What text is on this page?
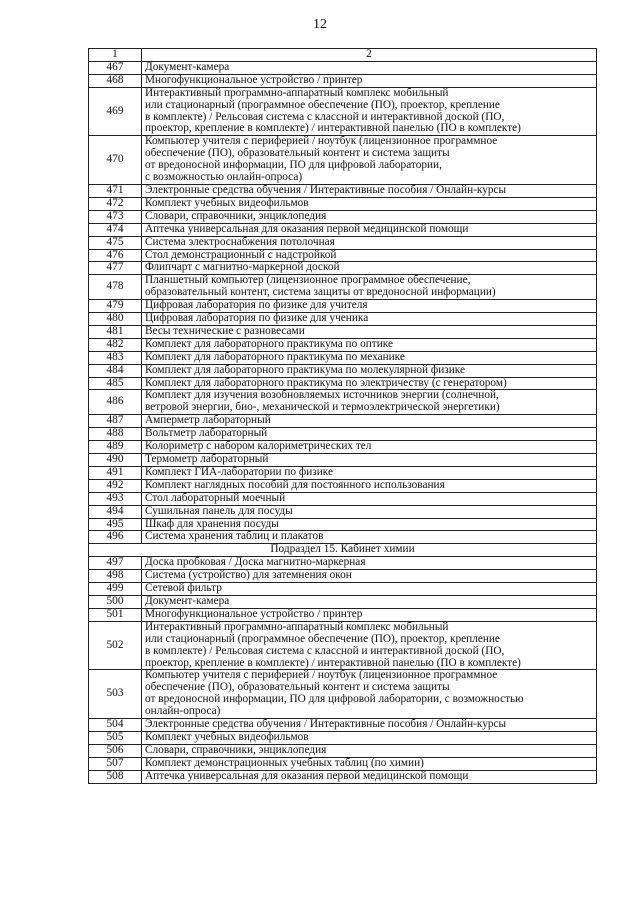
12
1	2
467	Документ-камера

468	Многофункциональное устройство / принтер

469	Интерактивный программно-аппаратный комплекс мобильный
или стационарный (программное обеспечение (ПО), проектор, крепление
в комплекте) / Рельсовая система с классной и интерактивной доской (ПО,
проектор, крепление в комплекте) / интерактивной панелью (ПО в комплекте)

470	Компьютер учителя с периферией / ноутбук (лицензионное программное
обеспечение (ПО), образовательный контент и система защиты
от вредоносной информации, ПО для цифровой лаборатории,
с возможностью онлайн-опроса)

471	Электронные средства обучения / Интерактивные пособия / Онлайн-курсы

472	Комплект учебных видеофильмов

473	Словари, справочники, энциклопедия

474	Аптечка универсальная для оказания первой медицинской помощи

475	Система электроснабжения потолочная

476	Стол демонстрационный с надстройкой

477	Флипчарт с магнитно-маркерной доской

478	Планшетный компьютер (лицензионное программное обеспечение,
образовательный контент, система защиты от вредоносной информации)

479	Цифровая лаборатория по физике для учителя

480	Цифровая лаборатория по физике для ученика

481	Весы технические с разновесами

482	Комплект для лабораторного практикума по оптике

483	Комплект для лабораторного практикума по механике

484	Комплект для лабораторного практикума по молекулярной физике

485	Комплект для лабораторного практикума по электричеству (с генератором)

486	Комплект для изучения возобновляемых источников энергии (солнечной,
ветровой энергии, био-, механической и термоэлектрической энергетики)

487	Амперметр лабораторный

488	Вольтметр лабораторный

489	Колориметр с набором калориметрических тел

490	Термометр лабораторный

491	Комплект ГИА-лаборатории по физике

492	Комплект наглядных пособий для постоянного использования

493	Стол лабораторный моечный

494	Сушильная панель для посуды

495	Шкаф для хранения посуды

496	Система хранения таблиц и плакатов

Подраздел 15. Кабинет химии	
497	Доска пробковая / Доска магнитно-маркерная

498	Система (устройство) для затемнения окон

499	Сетевой фильтр

500	Документ-камера

501	Многофункциональное устройство / принтер

502	Интерактивный программно-аппаратный комплекс мобильный
или стационарный (программное обеспечение (ПО), проектор, крепление
в комплекте) / Рельсовая система с классной и интерактивной доской (ПО,
проектор, крепление в комплекте) / интерактивной панелью (ПО в комплекте)

503	Компьютер учителя с периферией / ноутбук (лицензионное программное
обеспечение (ПО), образовательный контент и система защиты
от вредоносной информации, ПО для цифровой лаборатории, с возможностью
онлайн-опроса)

504	Электронные средства обучения / Интерактивные пособия / Онлайн-курсы

505	Комплект учебных видеофильмов

506	Словари, справочники, энциклопедия

507	Комплект демонстрационных учебных таблиц (по химии)

508	Аптечка универсальная для оказания первой медицинской помощи
